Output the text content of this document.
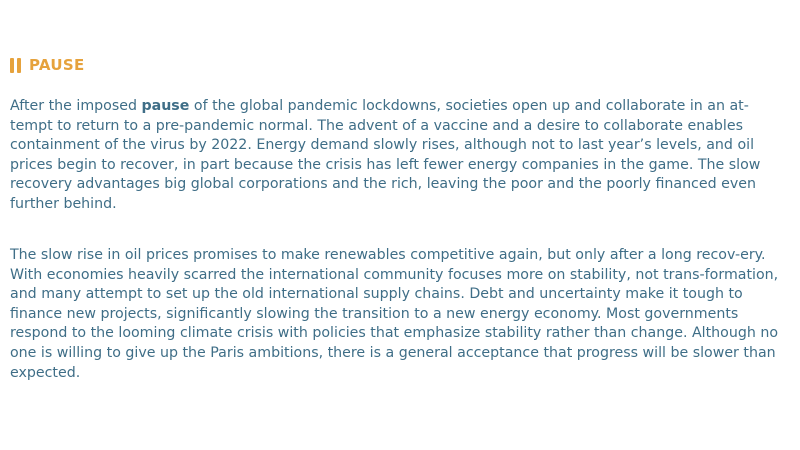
PAUSE

After the imposed pause of the global pandemic lockdowns, societies open up and collaborate in an at-tempt to return to a pre-pandemic normal. The advent of a vaccine and a desire to collaborate enables containment of the virus by 2022. Energy demand slowly rises, although not to last year’s levels, and oil prices begin to recover, in part because the crisis has left fewer energy companies in the game. The slow recovery advantages big global corporations and the rich, leaving the poor and the poorly financed even further behind.

The slow rise in oil prices promises to make renewables competitive again, but only after a long recov-ery. With economies heavily scarred the international community focuses more on stability, not trans-formation, and many attempt to set up the old international supply chains. Debt and uncertainty make it tough to finance new projects, significantly slowing the transition to a new energy economy. Most governments respond to the looming climate crisis with policies that emphasize stability rather than change. Although no one is willing to give up the Paris ambitions, there is a general acceptance that progress will be slower than expected.
